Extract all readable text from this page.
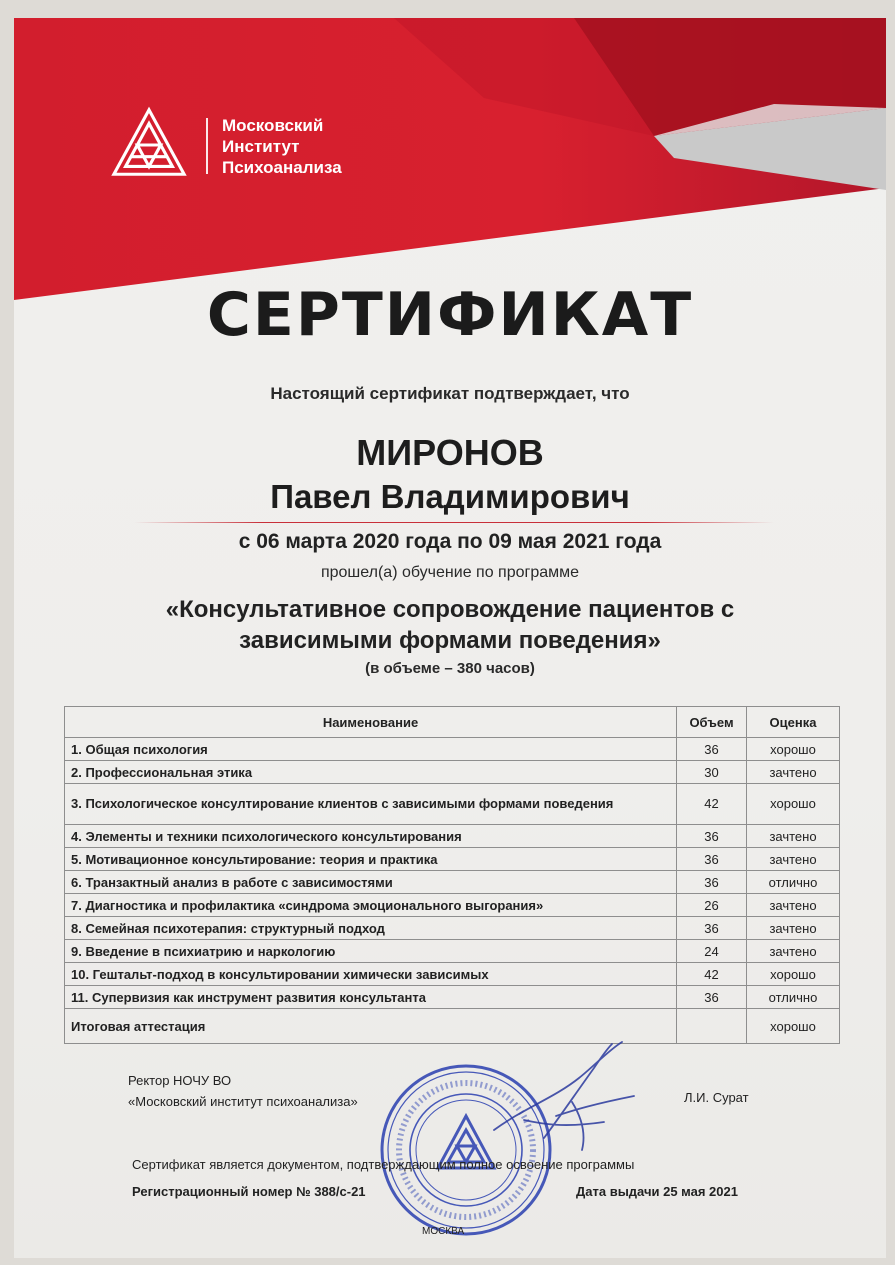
Московский
Институт
Психоанализа
СЕРТИФИКАТ
Настоящий сертификат подтверждает, что
МИРОНОВ
Павел Владимирович
с 06 марта 2020 года по 09 мая 2021 года
прошел(а) обучение по программе
«Консультативное сопровождение пациентов с
зависимыми формами поведения»
(в объеме – 380 часов)
Наименование	Объем	Оценка
1. Общая психология	36	хорошо
2. Профессиональная этика	30	зачтено
3. Психологическое консултирование клиентов с зависимыми формами поведения	42	хорошо
4. Элементы и техники психологического консультирования	36	зачтено
5. Мотивационное консультирование: теория и практика	36	зачтено
6. Транзактный анализ в работе с зависимостями	36	отлично
7. Диагностика и профилактика «синдрома эмоционального выгорания»	26	зачтено
8. Семейная психотерапия: структурный подход	36	зачтено
9. Введение в психиатрию и наркологию	24	зачтено
10. Гештальт-подход в консультировании химически зависимых	42	хорошо
11. Супервизия как инструмент развития консультанта	36	отлично
Итоговая аттестация		хорошо
Ректор НОЧУ ВО
«Московский институт психоанализа»	Л.И. Сурат
Сертификат является документом, подтверждающим полное освоение программы
Регистрационный номер № 388/с-21	Дата выдачи 25 мая 2021
МОСКВА
